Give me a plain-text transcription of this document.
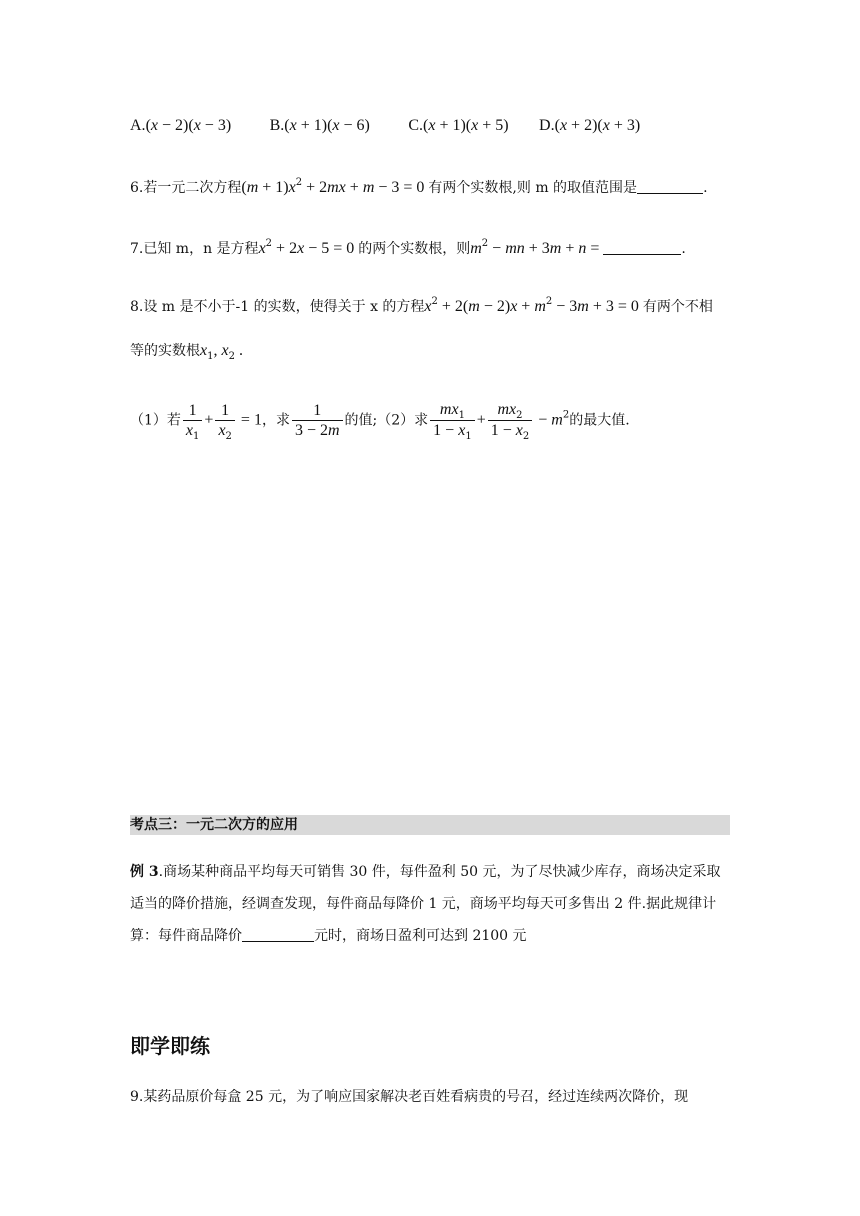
A.(x − 2)(x − 3) B.(x + 1)(x − 6) C.(x + 1)(x + 5) D.(x + 2)(x + 3)
6.若一元二次方程$(m + 1)x^2 + 2mx + m - 3 = 0$ 有两个实数根,则 m 的取值范围是	.
7.已知 m，n 是方程$x^2 + 2x - 5 = 0$ 的两个实数根，则$m^2$ − mn + 3m + n =	.
8.设 m 是不小于-1 的实数，使得关于 x 的方程$x^2 + 2(m - 2)x + m^2 - 3m + 3 = 0$ 有两个不相
等的实数根$x_1$, $x_2$ .
（1）若 $\frac{1}{x_1} + \frac{1}{x_2} = 1$，求 $\frac{1}{3 - 2m}$ 的值;（2）求 $\frac{mx_1}{1 - x_1} + \frac{mx_2}{1 - x_2} - m^2$的最大值.
考点三：一元二次方的应用
例 3.商场某种商品平均每天可销售 30 件，每件盈利 50 元，为了尽快减少库存，商场决定采取适当的降价措施，经调查发现，每件商品每降价 1 元，商场平均每天可多售出 2 件.据此规律计算：每件商品降价	元时，商场日盈利可达到 2100 元
即学即练
9.某药品原价每盒 25 元，为了响应国家解决老百姓看病贵的号召，经过连续两次降价，现
